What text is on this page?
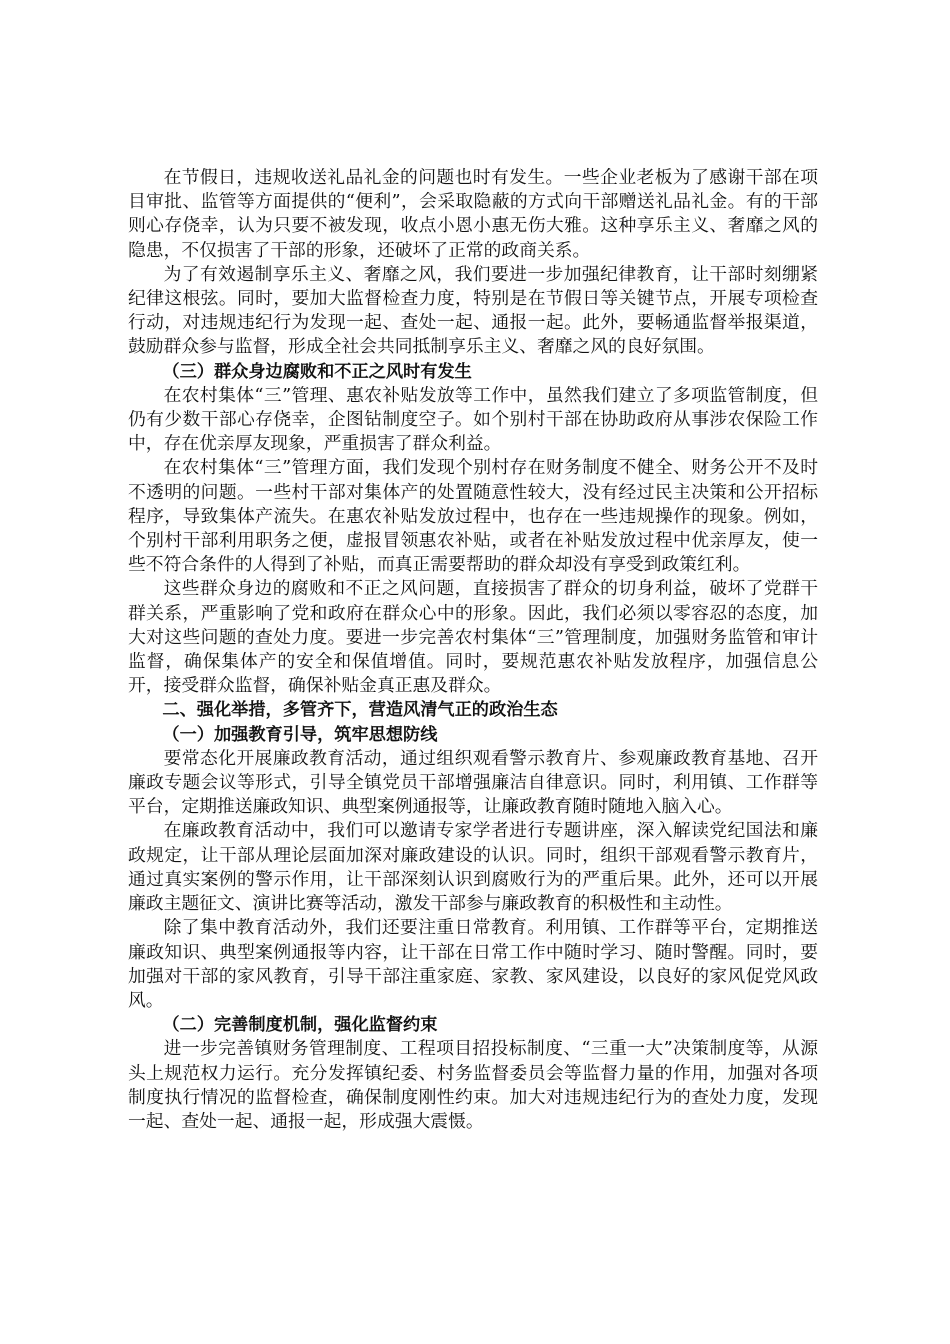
在节假日，违规收送礼品礼金的问题也时有发生。一些企业老板为了感谢干部在项目审批、监管等方面提供的“便利”，会采取隐蔽的方式向干部赠送礼品礼金。有的干部则心存侥幸，认为只要不被发现，收点小恩小惠无伤大雅。这种享乐主义、奢靡之风的隐患，不仅损害了干部的形象，还破坏了正常的政商关系。

为了有效遏制享乐主义、奢靡之风，我们要进一步加强纪律教育，让干部时刻绷紧纪律这根弦。同时，要加大监督检查力度，特别是在节假日等关键节点，开展专项检查行动，对违规违纪行为发现一起、查处一起、通报一起。此外，要畅通监督举报渠道，鼓励群众参与监督，形成全社会共同抵制享乐主义、奢靡之风的良好氛围。

（三）群众身边腐败和不正之风时有发生

在农村集体“三”管理、惠农补贴发放等工作中，虽然我们建立了多项监管制度，但仍有少数干部心存侥幸，企图钻制度空子。如个别村干部在协助政府从事涉农保险工作中，存在优亲厚友现象，严重损害了群众利益。

在农村集体“三”管理方面，我们发现个别村存在财务制度不健全、财务公开不及时不透明的问题。一些村干部对集体产的处置随意性较大，没有经过民主决策和公开招标程序，导致集体产流失。在惠农补贴发放过程中，也存在一些违规操作的现象。例如，个别村干部利用职务之便，虚报冒领惠农补贴，或者在补贴发放过程中优亲厚友，使一些不符合条件的人得到了补贴，而真正需要帮助的群众却没有享受到政策红利。

这些群众身边的腐败和不正之风问题，直接损害了群众的切身利益，破坏了党群干群关系，严重影响了党和政府在群众心中的形象。因此，我们必须以零容忍的态度，加大对这些问题的查处力度。要进一步完善农村集体“三”管理制度，加强财务监管和审计监督，确保集体产的安全和保值增值。同时，要规范惠农补贴发放程序，加强信息公开，接受群众监督，确保补贴金真正惠及群众。

二、强化举措，多管齐下，营造风清气正的政治生态

（一）加强教育引导，筑牢思想防线

要常态化开展廉政教育活动，通过组织观看警示教育片、参观廉政教育基地、召开廉政专题会议等形式，引导全镇党员干部增强廉洁自律意识。同时，利用镇、工作群等平台，定期推送廉政知识、典型案例通报等，让廉政教育随时随地入脑入心。

在廉政教育活动中，我们可以邀请专家学者进行专题讲座，深入解读党纪国法和廉政规定，让干部从理论层面加深对廉政建设的认识。同时，组织干部观看警示教育片，通过真实案例的警示作用，让干部深刻认识到腐败行为的严重后果。此外，还可以开展廉政主题征文、演讲比赛等活动，激发干部参与廉政教育的积极性和主动性。

除了集中教育活动外，我们还要注重日常教育。利用镇、工作群等平台，定期推送廉政知识、典型案例通报等内容，让干部在日常工作中随时学习、随时警醒。同时，要加强对干部的家风教育，引导干部注重家庭、家教、家风建设，以良好的家风促党风政风。

（二）完善制度机制，强化监督约束

进一步完善镇财务管理制度、工程项目招投标制度、“三重一大”决策制度等，从源头上规范权力运行。充分发挥镇纪委、村务监督委员会等监督力量的作用，加强对各项制度执行情况的监督检查，确保制度刚性约束。加大对违规违纪行为的查处力度，发现一起、查处一起、通报一起，形成强大震慑。
